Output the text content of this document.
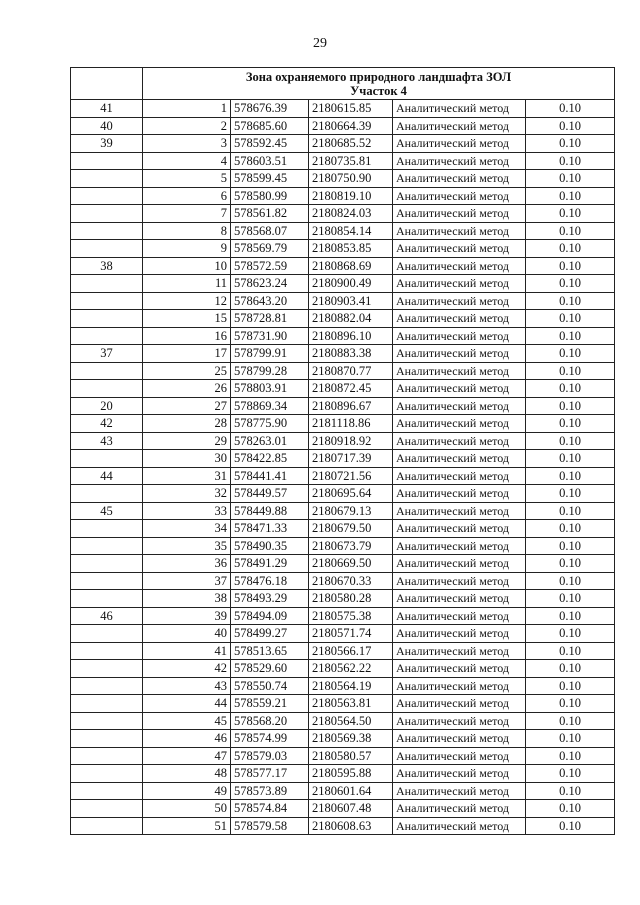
29

	Зона охраняемого природного ландшафта ЗОЛ
Участок 4				

41	1	578676.39	2180615.85	Аналитический метод	0.10
40	2	578685.60	2180664.39	Аналитический метод	0.10
39	3	578592.45	2180685.52	Аналитический метод	0.10
	4	578603.51	2180735.81	Аналитический метод	0.10
	5	578599.45	2180750.90	Аналитический метод	0.10
	6	578580.99	2180819.10	Аналитический метод	0.10
	7	578561.82	2180824.03	Аналитический метод	0.10
	8	578568.07	2180854.14	Аналитический метод	0.10
	9	578569.79	2180853.85	Аналитический метод	0.10
38	10	578572.59	2180868.69	Аналитический метод	0.10
	11	578623.24	2180900.49	Аналитический метод	0.10
	12	578643.20	2180903.41	Аналитический метод	0.10
	15	578728.81	2180882.04	Аналитический метод	0.10
	16	578731.90	2180896.10	Аналитический метод	0.10
37	17	578799.91	2180883.38	Аналитический метод	0.10
	25	578799.28	2180870.77	Аналитический метод	0.10
	26	578803.91	2180872.45	Аналитический метод	0.10
20	27	578869.34	2180896.67	Аналитический метод	0.10
42	28	578775.90	2181118.86	Аналитический метод	0.10
43	29	578263.01	2180918.92	Аналитический метод	0.10
	30	578422.85	2180717.39	Аналитический метод	0.10
44	31	578441.41	2180721.56	Аналитический метод	0.10
	32	578449.57	2180695.64	Аналитический метод	0.10
45	33	578449.88	2180679.13	Аналитический метод	0.10
	34	578471.33	2180679.50	Аналитический метод	0.10
	35	578490.35	2180673.79	Аналитический метод	0.10
	36	578491.29	2180669.50	Аналитический метод	0.10
	37	578476.18	2180670.33	Аналитический метод	0.10
	38	578493.29	2180580.28	Аналитический метод	0.10
46	39	578494.09	2180575.38	Аналитический метод	0.10
	40	578499.27	2180571.74	Аналитический метод	0.10
	41	578513.65	2180566.17	Аналитический метод	0.10
	42	578529.60	2180562.22	Аналитический метод	0.10
	43	578550.74	2180564.19	Аналитический метод	0.10
	44	578559.21	2180563.81	Аналитический метод	0.10
	45	578568.20	2180564.50	Аналитический метод	0.10
	46	578574.99	2180569.38	Аналитический метод	0.10
	47	578579.03	2180580.57	Аналитический метод	0.10
	48	578577.17	2180595.88	Аналитический метод	0.10
	49	578573.89	2180601.64	Аналитический метод	0.10
	50	578574.84	2180607.48	Аналитический метод	0.10
	51	578579.58	2180608.63	Аналитический метод	0.10
